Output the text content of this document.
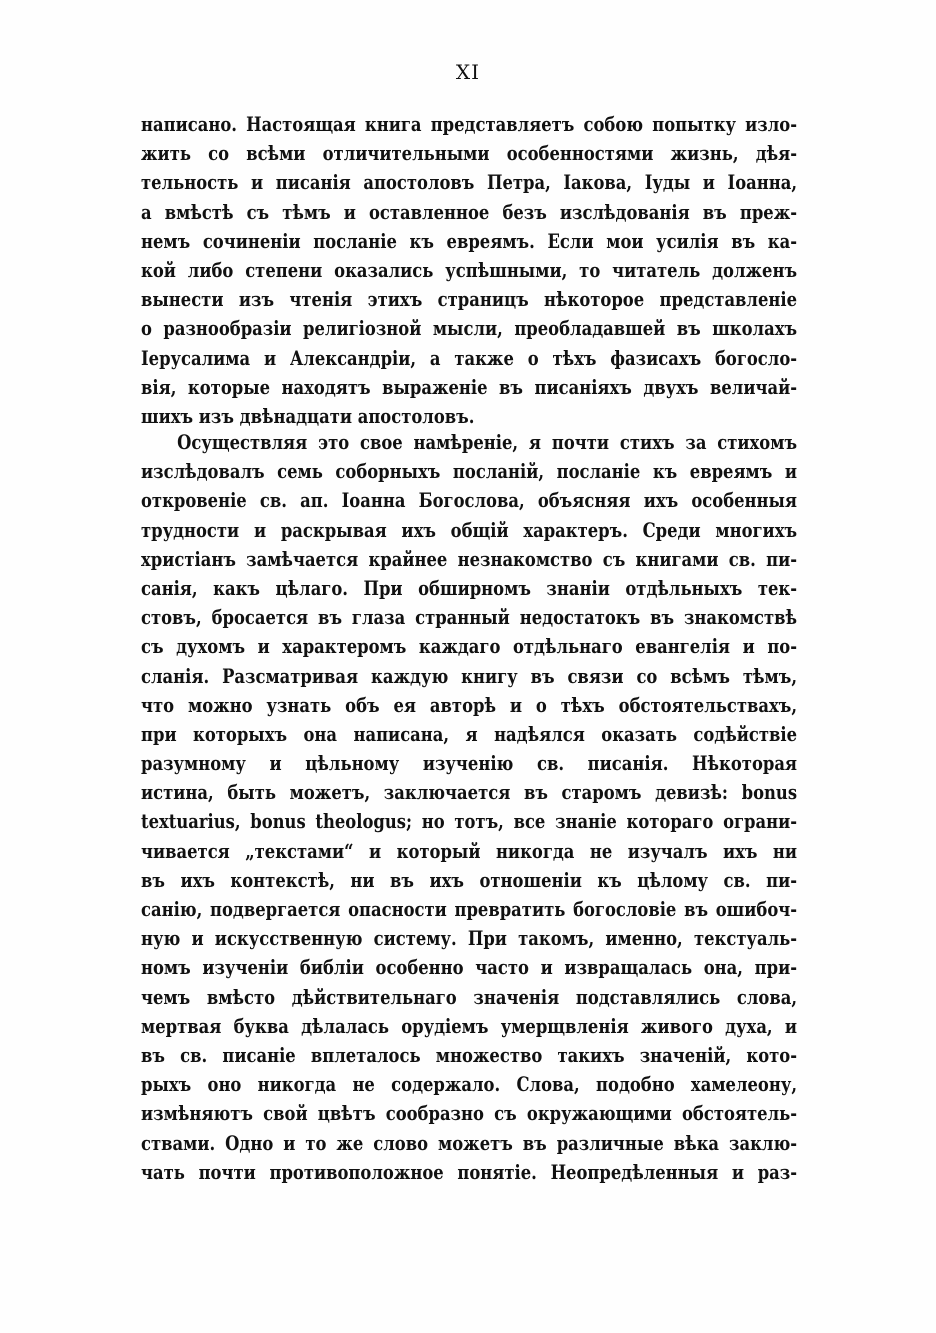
XI
написано. Настоящая книга представляетъ собою попытку изло-
жить со всѣми отличительными особенностями жизнь, дѣя-
тельность и писанія апостоловъ Петра, Іакова, Іуды и Іоанна,
а вмѣстѣ съ тѣмъ и оставленное безъ изслѣдованія въ преж-
немъ сочиненіи посланіе къ евреямъ. Если мои усилія въ ка-
кой либо степени оказались успѣшными, то читатель долженъ
вынести изъ чтенія этихъ страницъ нѣкоторое представленіе
о разнообразіи религіозной мысли, преобладавшей въ школахъ
Іерусалима и Александріи, а также о тѣхъ фазисахъ богосло-
вія, которые находятъ выраженіе въ писаніяхъ двухъ величай-
шихъ изъ двѣнадцати апостоловъ.
Осуществляя это свое намѣреніе, я почти стихъ за стихомъ
изслѣдовалъ семь соборныхъ посланій, посланіе къ евреямъ и
откровеніе св. ап. Іоанна Богослова, объясняя ихъ особенныя
трудности и раскрывая ихъ общій характеръ. Среди многихъ
христіанъ замѣчается крайнее незнакомство съ книгами св. пи-
санія, какъ цѣлаго. При обширномъ знаніи отдѣльныхъ тек-
стовъ, бросается въ глаза странный недостатокъ въ знакомствѣ
съ духомъ и характеромъ каждаго отдѣльнаго евангелія и по-
сланія. Разсматривая каждую книгу въ связи со всѣмъ тѣмъ,
что можно узнать объ ея авторѣ и о тѣхъ обстоятельствахъ,
при которыхъ она написана, я надѣялся оказать содѣйствіе
разумному и цѣльному изученію св. писанія. Нѣкоторая
истина, быть можетъ, заключается въ старомъ девизѣ: bonus
textuarius, bonus theologus; но тотъ, все знаніе котораго ограни-
чивается „текстами“ и который никогда не изучалъ ихъ ни
въ ихъ контекстѣ, ни въ ихъ отношеніи къ цѣлому св. пи-
санію, подвергается опасности превратить богословіе въ ошибоч-
ную и искусственную систему. При такомъ, именно, текстуаль-
номъ изученіи библіи особенно часто и извращалась она, при-
чемъ вмѣсто дѣйствительнаго значенія подставлялись слова,
мертвая буква дѣлалась орудіемъ умерщвленія живого духа, и
въ св. писаніе вплеталось множество такихъ значеній, кото-
рыхъ оно никогда не содержало. Слова, подобно хамелеону,
измѣняютъ свой цвѣтъ сообразно съ окружающими обстоятель-
ствами. Одно и то же слово можетъ въ различные вѣка заклю-
чать почти противоположное понятіе. Неопредѣленныя и раз-
